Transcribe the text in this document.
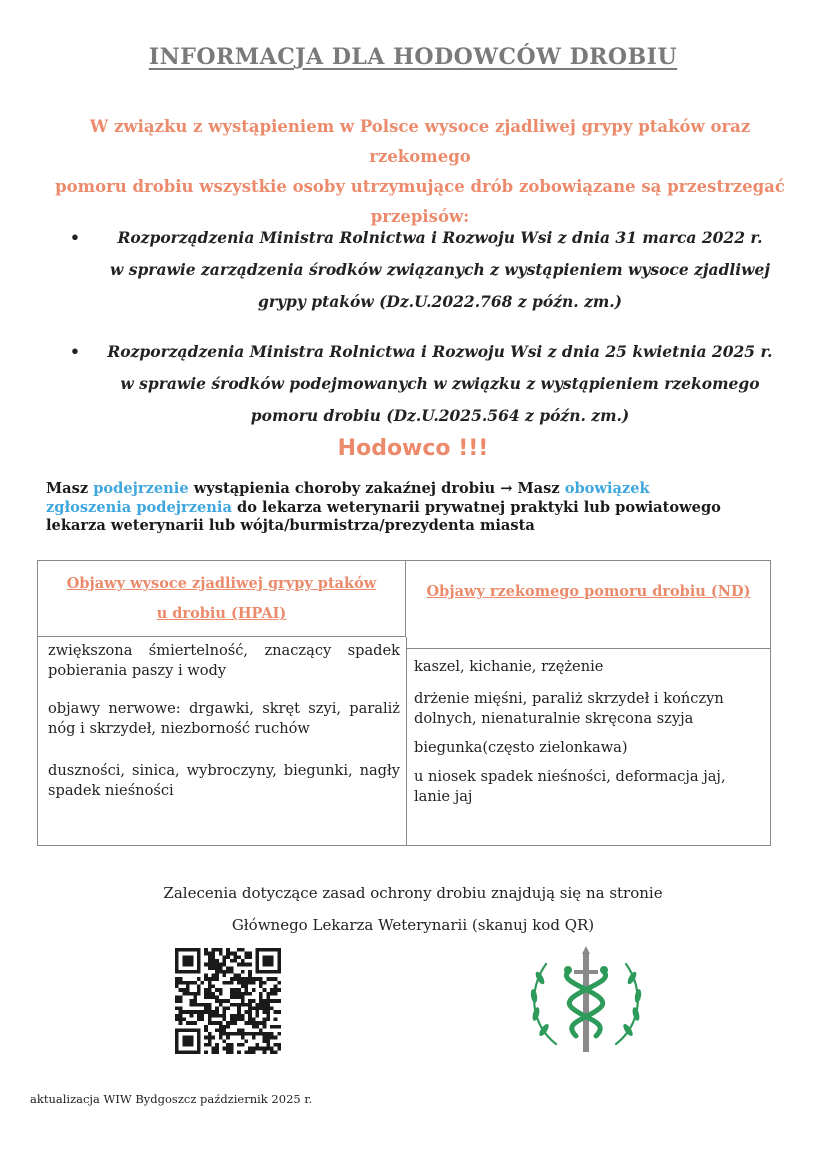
INFORMACJA DLA HODOWCÓW DROBIU

W związku z wystąpieniem w Polsce wysoce zjadliwej grypy ptaków oraz rzekomego

pomoru drobiu wszystkie osoby utrzymujące drób zobowiązane są przestrzegać

przepisów:

•	Rozporządzenia Ministra Rolnictwa i Rozwoju Wsi z dnia 31 marca 2022 r.
w sprawie zarządzenia środków związanych z wystąpieniem wysoce zjadliwej
grypy ptaków (Dz.U.2022.768 z późn. zm.)
•	Rozporządzenia Ministra Rolnictwa i Rozwoju Wsi z dnia 25 kwietnia 2025 r.
w sprawie środków podejmowanych w związku z wystąpieniem rzekomego
pomoru drobiu (Dz.U.2025.564 z późn. zm.)
Hodowco !!!
Masz podejrzenie wystąpienia choroby zakaźnej drobiu → Masz obowiązek
zgłoszenia podejrzenia do lekarza weterynarii prywatnej praktyki lub powiatowego
lekarza weterynarii lub wójta/burmistrza/prezydenta miasta
Objawy wysoce zjadliwej grypy ptaków
u drobiu (HPAI)
Objawy rzekomego pomoru drobiu (ND)
zwiększona śmiertelność, znaczący spadek pobierania paszy i wody
objawy nerwowe: drgawki, skręt szyi, paraliż nóg i skrzydeł, niezborność ruchów
duszności, sinica, wybroczyny, biegunki, nagły spadek nieśności
kaszel, kichanie, rzężenie
drżenie mięśni, paraliż skrzydeł i kończyn dolnych, nienaturalnie skręcona szyja
biegunka(często zielonkawa)
u niosek spadek nieśności, deformacja jaj, lanie jaj
Zalecenia dotyczące zasad ochrony drobiu znajdują się na stronie
Głównego Lekarza Weterynarii (skanuj kod QR)
aktualizacja WIW Bydgoszcz październik 2025 r.
